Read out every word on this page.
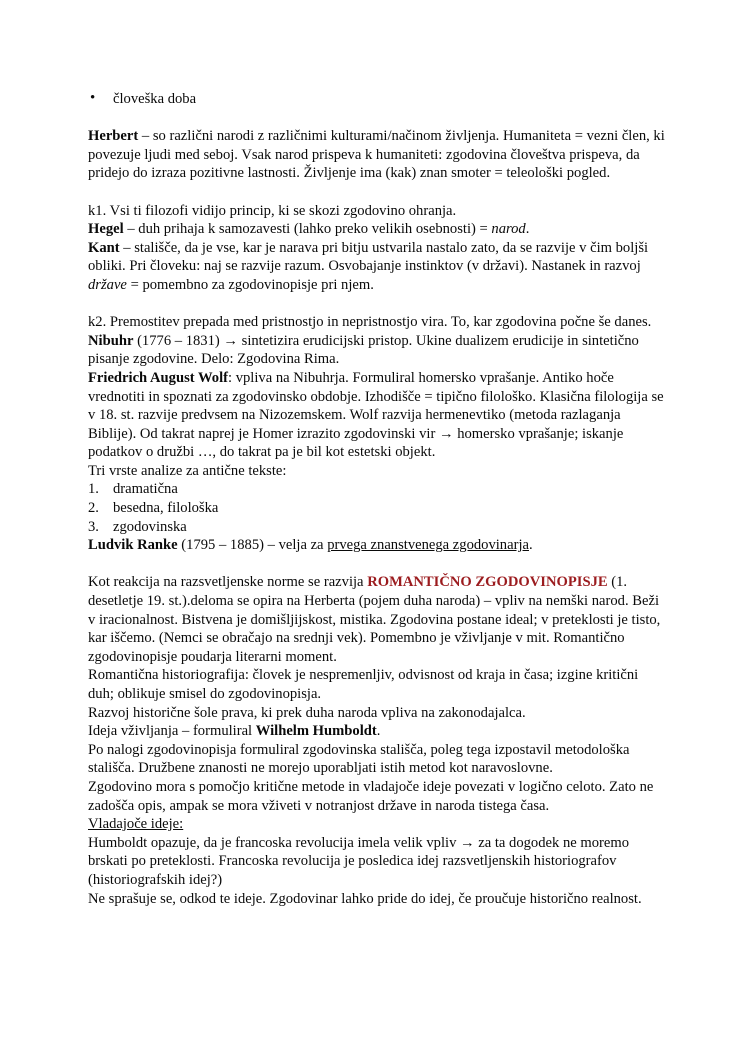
• človeška doba

Herbert – so različni narodi z različnimi kulturami/načinom življenja. Humaniteta = vezni člen, ki povezuje ljudi med seboj. Vsak narod prispeva k humaniteti: zgodovina človeštva prispeva, da pridejo do izraza pozitivne lastnosti. Življenje ima (kak) znan smoter = teleološki pogled.

k1. Vsi ti filozofi vidijo princip, ki se skozi zgodovino ohranja.
Hegel – duh prihaja k samozavesti (lahko preko velikih osebnosti) = narod.
Kant – stališče, da je vse, kar je narava pri bitju ustvarila nastalo zato, da se razvije v čim boljši obliki. Pri človeku: naj se razvije razum. Osvobajanje instinktov (v državi). Nastanek in razvoj države = pomembno za zgodovinopisje pri njem.

k2. Premostitev prepada med pristnostjo in nepristnostjo vira. To, kar zgodovina počne še danes.
Nibuhr (1776 – 1831) → sintetizira erudicijski pristop. Ukine dualizem erudicije in sintetično pisanje zgodovine. Delo: Zgodovina Rima.
Friedrich August Wolf: vpliva na Nibuhrja. Formuliral homersko vprašanje. Antiko hoče vrednotiti in spoznati za zgodovinsko obdobje. Izhodišče = tipično filološko. Klasična filologija se v 18. st. razvije predvsem na Nizozemskem. Wolf razvija hermenevtiko (metoda razlaganja Biblije). Od takrat naprej je Homer izrazito zgodovinski vir → homersko vprašanje; iskanje podatkov o družbi …, do takrat pa je bil kot estetski objekt.
Tri vrste analize za antične tekste:
1. dramatična
2. besedna, filološka
3. zgodovinska
Ludvik Ranke (1795 – 1885) – velja za prvega znanstvenega zgodovinarja.

Kot reakcija na razsvetljenske norme se razvija ROMANTIČNO ZGODOVINOPISJE (1. desetletje 19. st.).deloma se opira na Herberta (pojem duha naroda) – vpliv na nemški narod. Beži v iracionalnost. Bistvena je domišljijskost, mistika. Zgodovina postane ideal; v preteklosti je tisto, kar iščemo. (Nemci se obračajo na srednji vek). Pomembno je vživljanje v mit. Romantično zgodovinopisje poudarja literarni moment.
Romantična historiografija: človek je nespremenljiv, odvisnost od kraja in časa; izgine kritični duh; oblikuje smisel do zgodovinopisja.
Razvoj historične šole prava, ki prek duha naroda vpliva na zakonodajalca.
Ideja vživljanja – formuliral Wilhelm Humboldt.
Po nalogi zgodovinopisja formuliral zgodovinska stališča, poleg tega izpostavil metodološka stališča. Družbene znanosti ne morejo uporabljati istih metod kot naravoslovne.
Zgodovino mora s pomočjo kritične metode in vladajoče ideje povezati v logično celoto. Zato ne zadošča opis, ampak se mora vživeti v notranjost države in naroda tistega časa.
Vladajoče ideje:
Humboldt opazuje, da je francoska revolucija imela velik vpliv → za ta dogodek ne moremo brskati po preteklosti. Francoska revolucija je posledica idej razsvetljenskih historiografov (historiografskih idej?)
Ne sprašuje se, odkod te ideje. Zgodovinar lahko pride do idej, če proučuje historično realnost.
